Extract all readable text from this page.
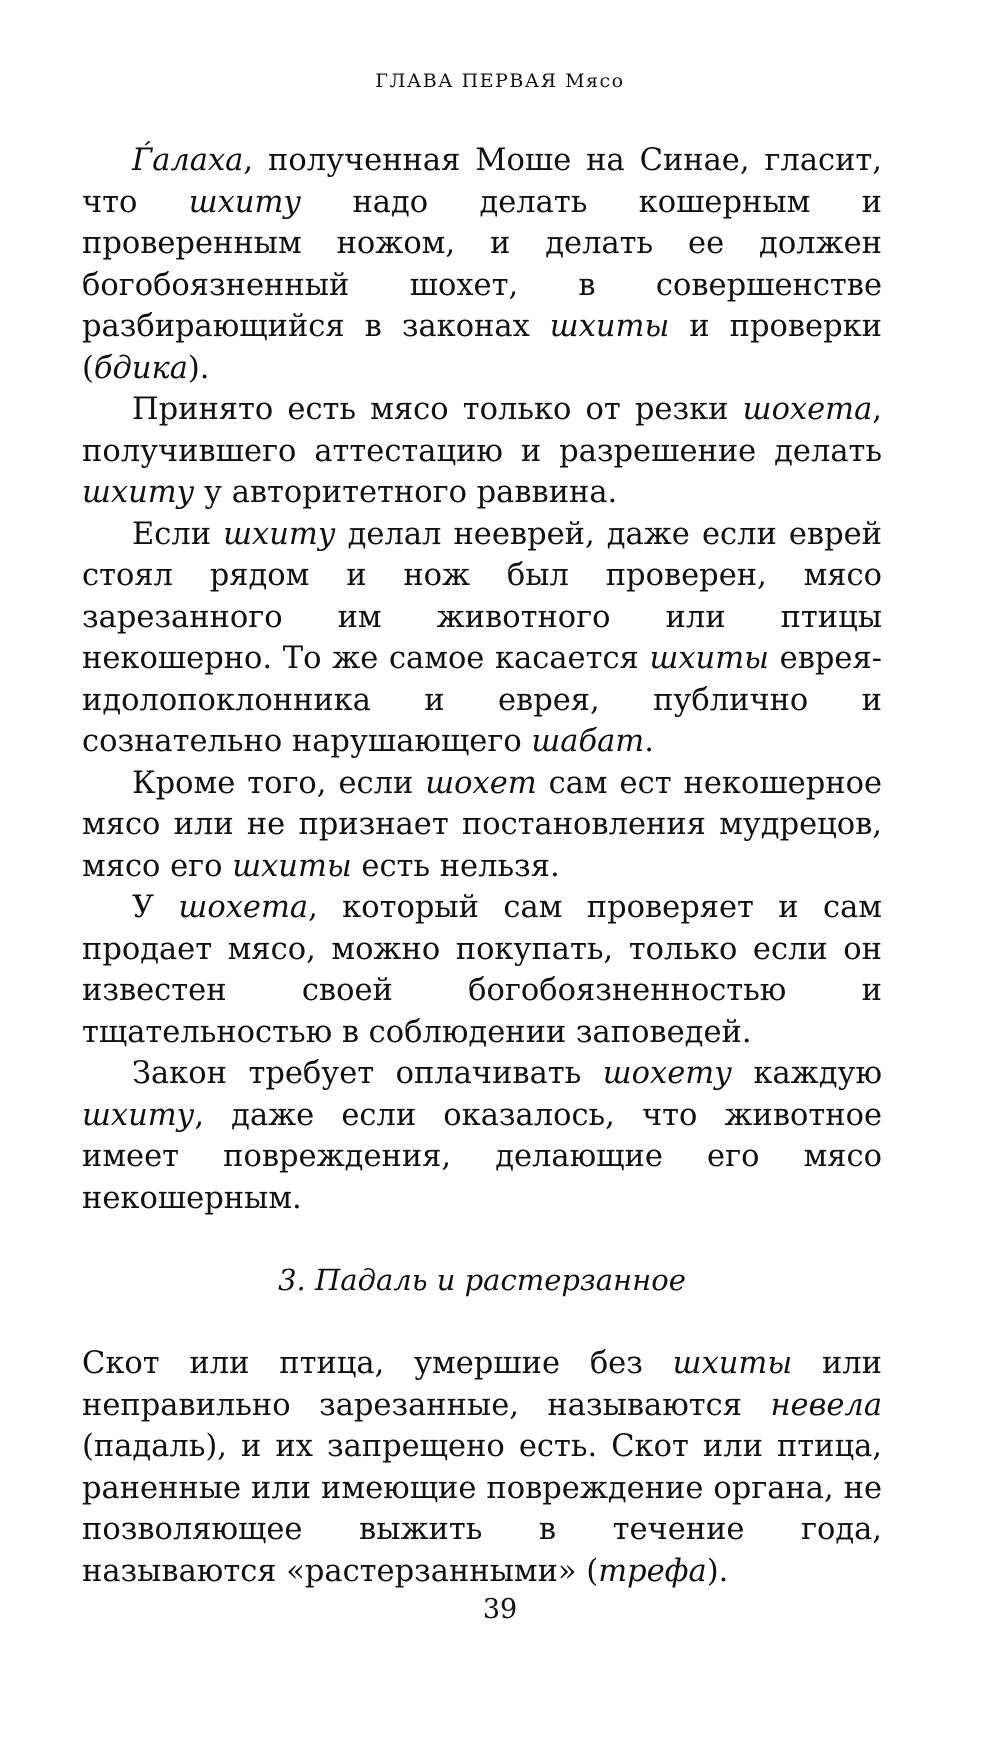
ГЛАВА ПЕРВАЯ Мясо

Ѓалаха, полученная Моше на Синае, гласит, что шхиту надо делать кошерным и проверенным ножом, и делать ее должен богобоязненный шохет, в совершенстве разбирающийся в законах шхиты и проверки (бдика).

Принято есть мясо только от резки шохета, получившего аттестацию и разрешение делать шхиту у авторитетного раввина.

Если шхиту делал нееврей, даже если еврей стоял рядом и нож был проверен, мясо зарезанного им животного или птицы некошерно. То же самое касается шхиты еврея-идолопоклонника и еврея, публично и сознательно нарушающего шабат.

Кроме того, если шохет сам ест некошерное мясо или не признает постановления мудрецов, мясо его шхиты есть нельзя.

У шохета, который сам проверяет и сам продает мясо, можно покупать, только если он известен своей богобоязненностью и тщательностью в соблюдении заповедей.

Закон требует оплачивать шохету каждую шхиту, даже если оказалось, что животное имеет повреждения, делающие его мясо некошерным.

3. Падаль и растерзанное

Скот или птица, умершие без шхиты или неправильно зарезанные, называются невела (падаль), и их запрещено есть. Скот или птица, раненные или имеющие повреждение органа, не позволяющее выжить в течение года, называются «растерзанными» (трефа).

39
